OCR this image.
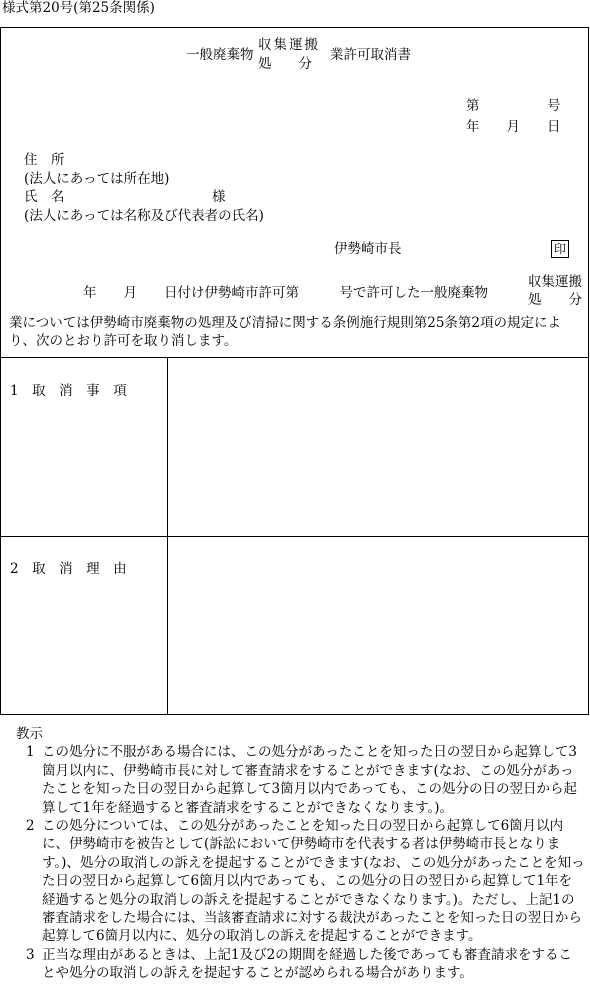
様式第20号(第25条関係)
一般廃棄物
収集運搬
処　　分
業許可取消書
第　　　　　号
年　　月　　日
住　所
(法人にあっては所在地)
氏　名	様
(法人にあっては名称及び代表者の氏名)
伊勢崎市長	印
年　　月　　日付け伊勢崎市許可第　　　号で許可した一般廃棄物
収集運搬
処　　分
業については伊勢崎市廃棄物の処理及び清掃に関する条例施行規則第25条第2項の規定により、次のとおり許可を取り消します。
1　取　消　事　項
2　取　消　理　由
教示

1 この処分に不服がある場合には、この処分があったことを知った日の翌日から起算して3箇月以内に、伊勢崎市長に対して審査請求をすることができます(なお、この処分があったことを知った日の翌日から起算して3箇月以内であっても、この処分の日の翌日から起算して1年を経過すると審査請求をすることができなくなります。)。

2 この処分については、この処分があったことを知った日の翌日から起算して6箇月以内に、伊勢崎市を被告として(訴訟において伊勢崎市を代表する者は伊勢崎市長となります。)、処分の取消しの訴えを提起することができます(なお、この処分があったことを知った日の翌日から起算して6箇月以内であっても、この処分の日の翌日から起算して1年を経過すると処分の取消しの訴えを提起することができなくなります。)。ただし、上記1の審査請求をした場合には、当該審査請求に対する裁決があったことを知った日の翌日から起算して6箇月以内に、処分の取消しの訴えを提起することができます。

3 正当な理由があるときは、上記1及び2の期間を経過した後であっても審査請求をすることや処分の取消しの訴えを提起することが認められる場合があります。
